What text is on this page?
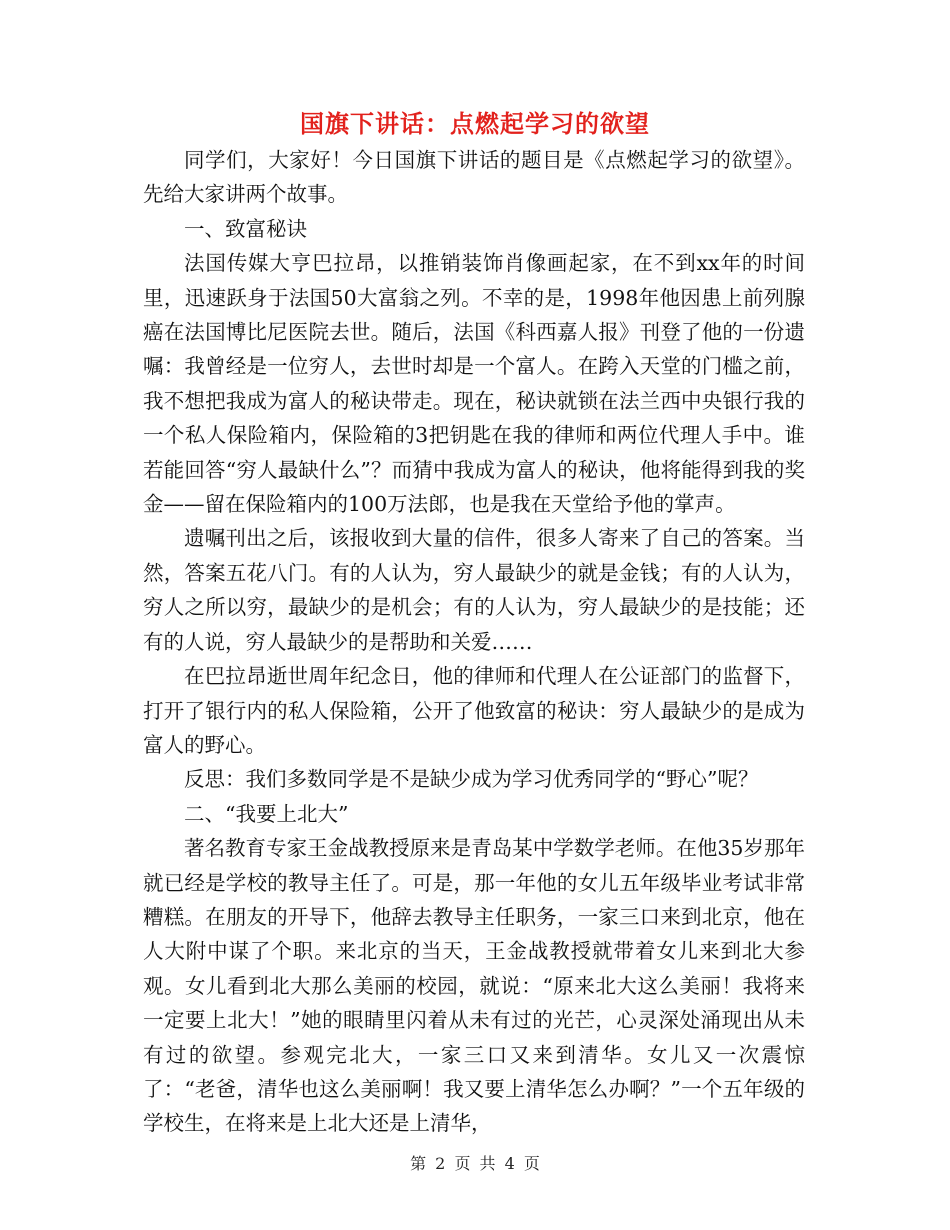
国旗下讲话：点燃起学习的欲望

同学们，大家好！今日国旗下讲话的题目是《点燃起学习的欲望》。先给大家讲两个故事。

一、致富秘诀

法国传媒大亨巴拉昂，以推销装饰肖像画起家，在不到xx年的时间里，迅速跃身于法国50大富翁之列。不幸的是，1998年他因患上前列腺癌在法国博比尼医院去世。随后，法国《科西嘉人报》刊登了他的一份遗嘱：我曾经是一位穷人，去世时却是一个富人。在跨入天堂的门槛之前，我不想把我成为富人的秘诀带走。现在，秘诀就锁在法兰西中央银行我的一个私人保险箱内，保险箱的3把钥匙在我的律师和两位代理人手中。谁若能回答“穷人最缺什么”？而猜中我成为富人的秘诀，他将能得到我的奖金——留在保险箱内的100万法郎，也是我在天堂给予他的掌声。

遗嘱刊出之后，该报收到大量的信件，很多人寄来了自己的答案。当然，答案五花八门。有的人认为，穷人最缺少的就是金钱；有的人认为，穷人之所以穷，最缺少的是机会；有的人认为，穷人最缺少的是技能；还有的人说，穷人最缺少的是帮助和关爱……

在巴拉昂逝世周年纪念日，他的律师和代理人在公证部门的监督下，打开了银行内的私人保险箱，公开了他致富的秘诀：穷人最缺少的是成为富人的野心。

反思：我们多数同学是不是缺少成为学习优秀同学的“野心”呢？

二、“我要上北大”

著名教育专家王金战教授原来是青岛某中学数学老师。在他35岁那年就已经是学校的教导主任了。可是，那一年他的女儿五年级毕业考试非常糟糕。在朋友的开导下，他辞去教导主任职务，一家三口来到北京，他在人大附中谋了个职。来北京的当天，王金战教授就带着女儿来到北大参观。女儿看到北大那么美丽的校园，就说：“原来北大这么美丽！我将来一定要上北大！”她的眼睛里闪着从未有过的光芒，心灵深处涌现出从未有过的欲望。参观完北大，一家三口又来到清华。女儿又一次震惊了：“老爸，清华也这么美丽啊！我又要上清华怎么办啊？”一个五年级的学校生，在将来是上北大还是上清华，

第 2 页 共 4 页
